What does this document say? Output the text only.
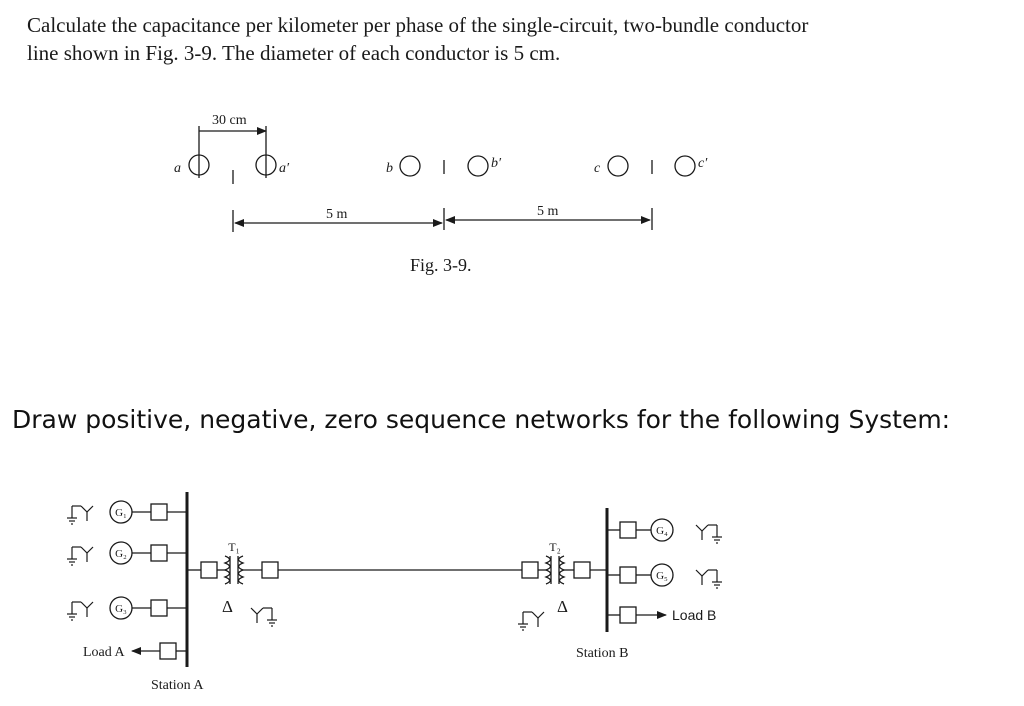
Calculate the capacitance per kilometer per phase of the single-circuit, two-bundle conductor
line shown in Fig. 3-9. The diameter of each conductor is 5 cm.
Draw positive, negative, zero sequence networks for the following System:
30 cm
a	a′	b	b′	c	c′
5 m	5 m
Fig. 3-9.
G₁
G₂
G₃
Load A
Station A
T₁
Δ
T₂
Δ
G₄
G₅
Load B
Station B
